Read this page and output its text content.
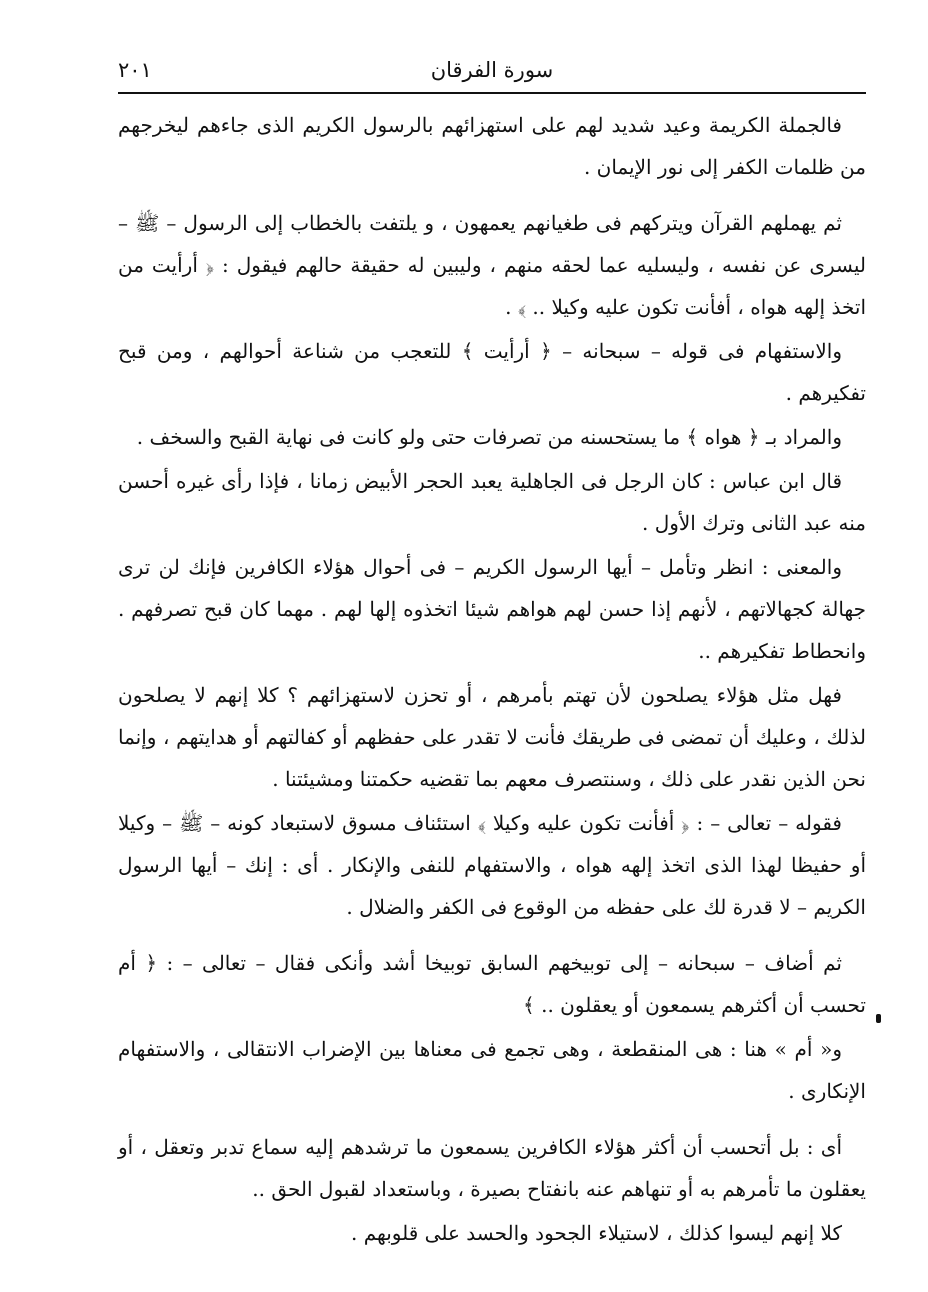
سورة الفرقان
٢٠١

فالجملة الكريمة وعيد شديد لهم على استهزائهم بالرسول الكريم الذى جاءهم ليخرجهم من ظلمات الكفر إلى نور الإيمان .

ثم يهملهم القرآن ويتركهم فى طغيانهم يعمهون ، و يلتفت بالخطاب إلى الرسول – ﷺ – ليسرى عن نفسه ، وليسليه عما لحقه منهم ، وليبين له حقيقة حالهم فيقول : ﴿ أرأيت من اتخذ إلهه هواه ، أفأنت تكون عليه وكيلا .. ﴾ .

والاستفهام فى قوله – سبحانه – ﴿ أرأيت ﴾ للتعجب من شناعة أحوالهم ، ومن قبح تفكيرهم .

والمراد بـ ﴿ هواه ﴾ ما يستحسنه من تصرفات حتى ولو كانت فى نهاية القبح والسخف .

قال ابن عباس : كان الرجل فى الجاهلية يعبد الحجر الأبيض زمانا ، فإذا رأى غيره أحسن منه عبد الثانى وترك الأول .

والمعنى : انظر وتأمل – أيها الرسول الكريم – فى أحوال هؤلاء الكافرين فإنك لن ترى جهالة كجهالاتهم ، لأنهم إذا حسن لهم هواهم شيئا اتخذوه إلها لهم . مهما كان قبح تصرفهم . وانحطاط تفكيرهم ..

فهل مثل هؤلاء يصلحون لأن تهتم بأمرهم ، أو تحزن لاستهزائهم ؟ كلا إنهم لا يصلحون لذلك ، وعليك أن تمضى فى طريقك فأنت لا تقدر على حفظهم أو كفالتهم أو هدايتهم ، وإنما نحن الذين نقدر على ذلك ، وسنتصرف معهم بما تقضيه حكمتنا ومشيئتنا .

فقوله – تعالى – : ﴿ أفأنت تكون عليه وكيلا ﴾ استئناف مسوق لاستبعاد كونه – ﷺ – وكيلا أو حفيظا لهذا الذى اتخذ إلهه هواه ، والاستفهام للنفى والإنكار . أى : إنك – أيها الرسول الكريم – لا قدرة لك على حفظه من الوقوع فى الكفر والضلال .

ثم أضاف – سبحانه – إلى توبيخهم السابق توبيخا أشد وأنكى فقال – تعالى – : ﴿ أم تحسب أن أكثرهم يسمعون أو يعقلون .. ﴾

و« أم » هنا : هى المنقطعة ، وهى تجمع فى معناها بين الإضراب الانتقالى ، والاستفهام الإنكارى .

أى : بل أتحسب أن أكثر هؤلاء الكافرين يسمعون ما ترشدهم إليه سماع تدبر وتعقل ، أو يعقلون ما تأمرهم به أو تنهاهم عنه بانفتاح بصيرة ، وباستعداد لقبول الحق ..

كلا إنهم ليسوا كذلك ، لاستيلاء الجحود والحسد على قلوبهم .
